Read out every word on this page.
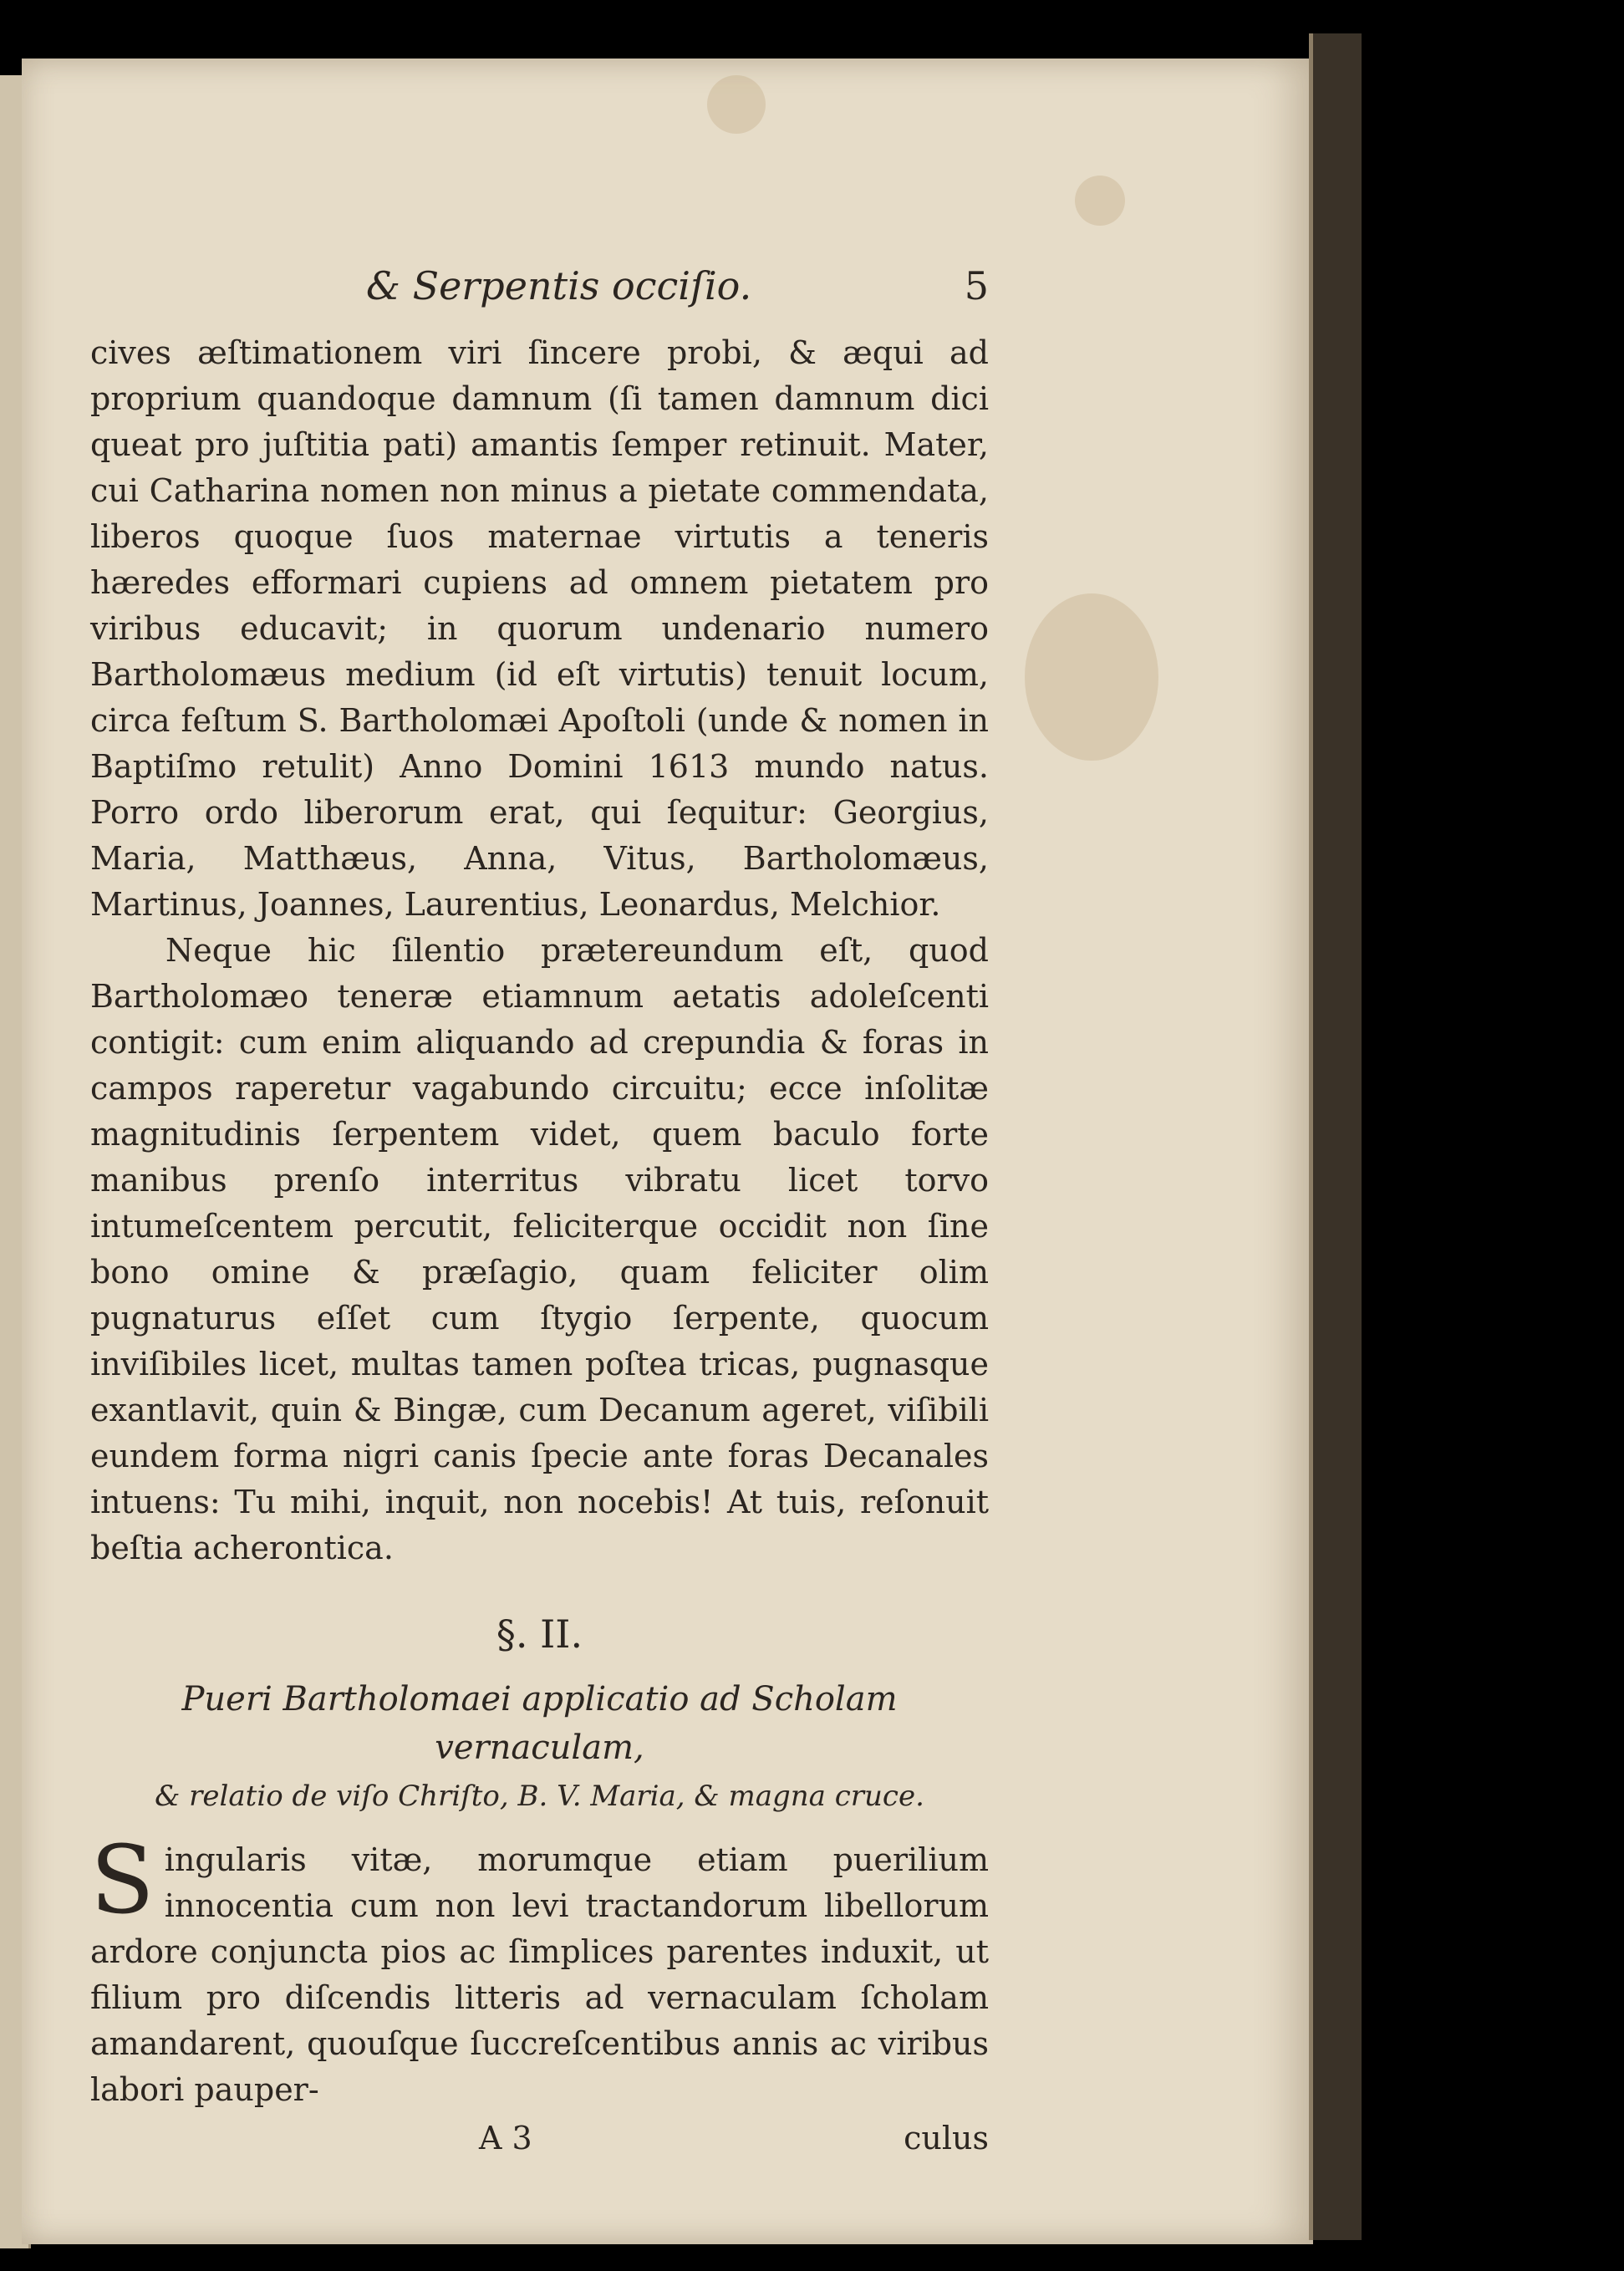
& Serpentis occiſio.	5

cives æſtimationem viri ſincere probi, & æqui ad proprium quandoque damnum (ſi tamen damnum dici queat pro juſtitia pati) amantis ſemper retinuit. Mater, cui Catharina nomen non minus a pietate commendata, liberos quoque ſuos maternae virtutis a teneris hæredes efformari cupiens ad omnem pietatem pro viribus educavit; in quorum undenario numero Bartholomæus medium (id eſt virtutis) tenuit locum, circa feſtum S. Bartholomæi Apoſtoli (unde & nomen in Baptiſmo retulit) Anno Domini 1613 mundo natus. Porro ordo liberorum erat, qui ſequitur: Georgius, Maria, Matthæus, Anna, Vitus, Bartholomæus, Martinus, Joannes, Laurentius, Leonardus, Melchior.

Neque hic ſilentio prætereundum eſt, quod Bartholomæo teneræ etiamnum aetatis adoleſcenti contigit: cum enim aliquando ad crepundia & foras in campos raperetur vagabundo circuitu; ecce inſolitæ magnitudinis ſerpentem videt, quem baculo forte manibus prenſo interritus vibratu licet torvo intumeſcentem percutit, feliciterque occidit non ſine bono omine & præſagio, quam feliciter olim pugnaturus eſſet cum ſtygio ſerpente, quocum inviſibiles licet, multas tamen poſtea tricas, pugnasque exantlavit, quin & Bingæ, cum Decanum ageret, viſibili eundem forma nigri canis ſpecie ante foras Decanales intuens: Tu mihi, inquit, non nocebis! At tuis, reſonuit beſtia acherontica.

§. II.
Pueri Bartholomaei applicatio ad Scholam vernaculam,
& relatio de viſo Chriſto, B. V. Maria, & magna cruce.

Singularis vitæ, morumque etiam puerilium innocentia cum non levi tractandorum libellorum ardore conjuncta pios ac ſimplices parentes induxit, ut filium pro diſcendis litteris ad vernaculam ſcholam amandarent, quouſque ſuccreſcentibus annis ac viribus labori pauper-

A 3	culus
